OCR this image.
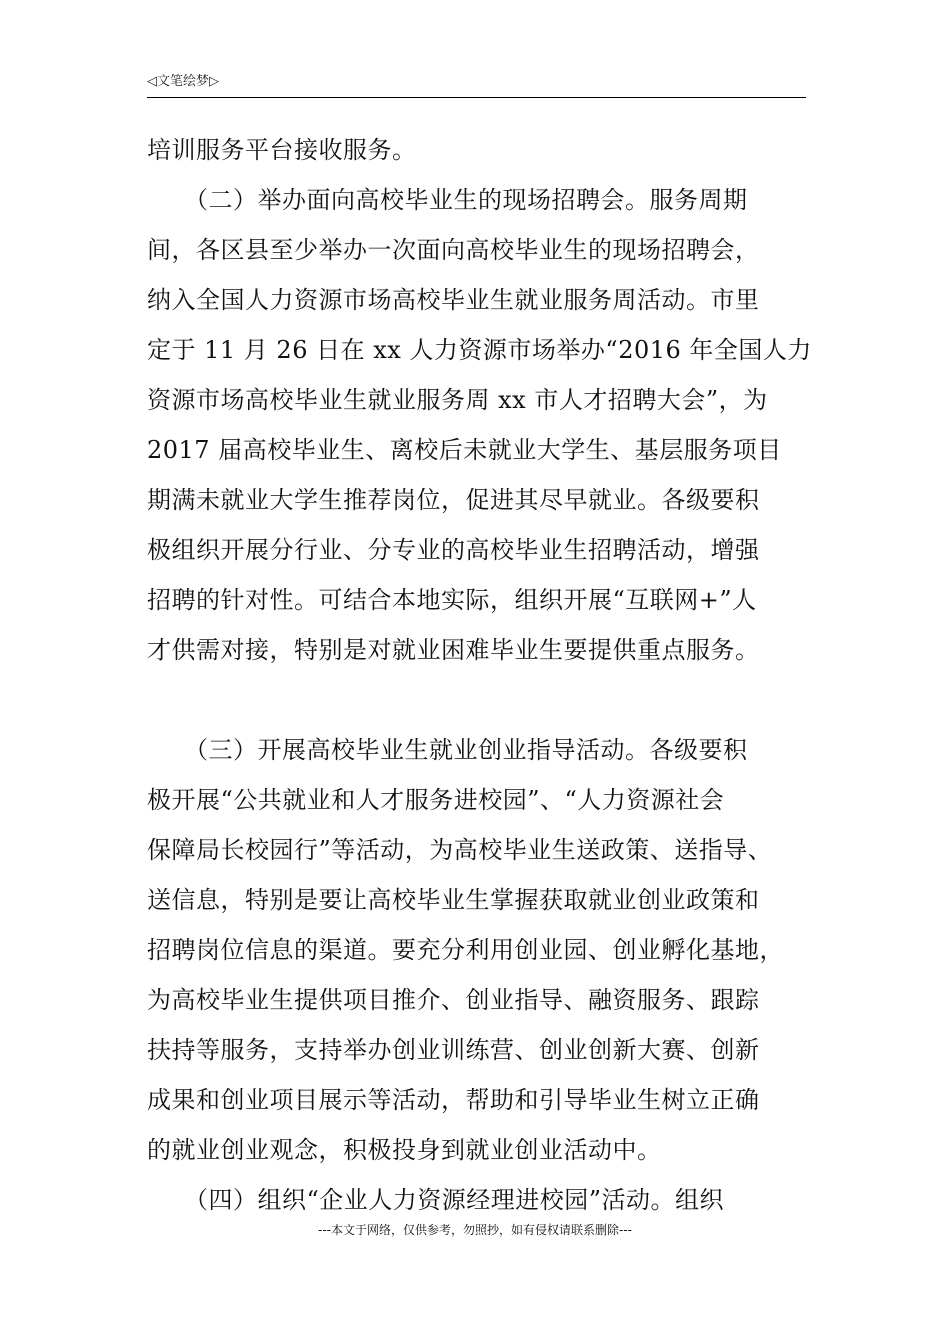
◁文笔绘梦▷
培训服务平台接收服务。
　　（二）举办面向高校毕业生的现场招聘会。服务周期
间，各区县至少举办一次面向高校毕业生的现场招聘会，
纳入全国人力资源市场高校毕业生就业服务周活动。市里
定于 11 月 26 日在 xx 人力资源市场举办“2016 年全国人力
资源市场高校毕业生就业服务周 xx 市人才招聘大会”，为
2017 届高校毕业生、离校后未就业大学生、基层服务项目
期满未就业大学生推荐岗位，促进其尽早就业。各级要积
极组织开展分行业、分专业的高校毕业生招聘活动，增强
招聘的针对性。可结合本地实际，组织开展“互联网+”人
才供需对接，特别是对就业困难毕业生要提供重点服务。
　　（三）开展高校毕业生就业创业指导活动。各级要积
极开展“公共就业和人才服务进校园”、“人力资源社会
保障局长校园行”等活动，为高校毕业生送政策、送指导、
送信息，特别是要让高校毕业生掌握获取就业创业政策和
招聘岗位信息的渠道。要充分利用创业园、创业孵化基地，
为高校毕业生提供项目推介、创业指导、融资服务、跟踪
扶持等服务，支持举办创业训练营、创业创新大赛、创新
成果和创业项目展示等活动，帮助和引导毕业生树立正确
的就业创业观念，积极投身到就业创业活动中。
　　（四）组织“企业人力资源经理进校园”活动。组织
---本文于网络，仅供参考，勿照抄，如有侵权请联系删除---
